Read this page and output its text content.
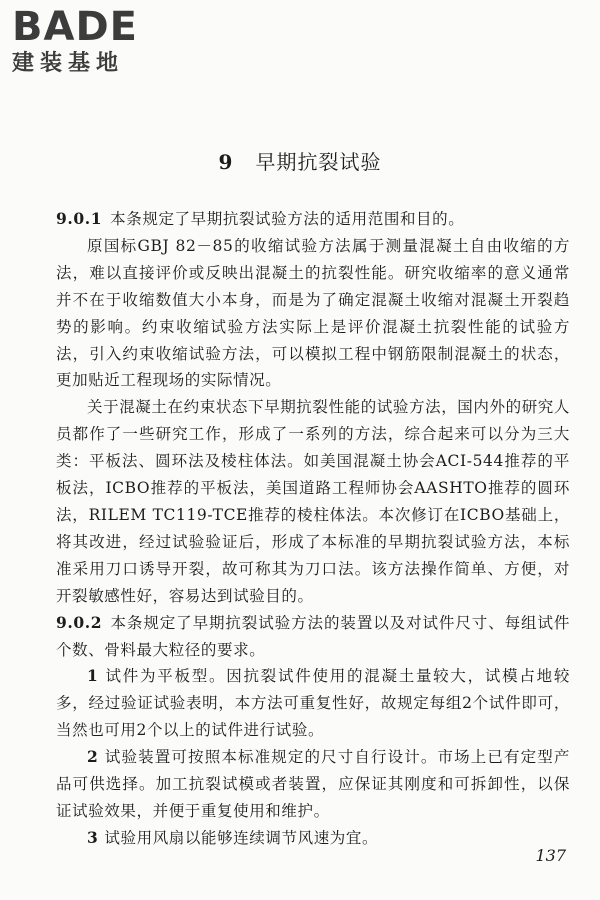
BADE
建装基地
9 早期抗裂试验

9.0.1 本条规定了早期抗裂试验方法的适用范围和目的。

原国标GBJ 82－85的收缩试验方法属于测量混凝土自由收缩的方法，难以直接评价或反映出混凝土的抗裂性能。研究收缩率的意义通常并不在于收缩数值大小本身，而是为了确定混凝土收缩对混凝土开裂趋势的影响。约束收缩试验方法实际上是评价混凝土抗裂性能的试验方法，引入约束收缩试验方法，可以模拟工程中钢筋限制混凝土的状态，更加贴近工程现场的实际情况。

关于混凝土在约束状态下早期抗裂性能的试验方法，国内外的研究人员都作了一些研究工作，形成了一系列的方法，综合起来可以分为三大类：平板法、圆环法及棱柱体法。如美国混凝土协会ACI-544推荐的平板法，ICBO推荐的平板法，美国道路工程师协会AASHTO推荐的圆环法，RILEM TC119-TCE推荐的棱柱体法。本次修订在ICBO基础上，将其改进，经过试验验证后，形成了本标准的早期抗裂试验方法，本标准采用刀口诱导开裂，故可称其为刀口法。该方法操作简单、方便，对开裂敏感性好，容易达到试验目的。

9.0.2 本条规定了早期抗裂试验方法的装置以及对试件尺寸、每组试件个数、骨料最大粒径的要求。

1 试件为平板型。因抗裂试件使用的混凝土量较大，试模占地较多，经过验证试验表明，本方法可重复性好，故规定每组2个试件即可，当然也可用2个以上的试件进行试验。

2 试验装置可按照本标准规定的尺寸自行设计。市场上已有定型产品可供选择。加工抗裂试模或者装置，应保证其刚度和可拆卸性，以保证试验效果，并便于重复使用和维护。

3 试验用风扇以能够连续调节风速为宜。

137
